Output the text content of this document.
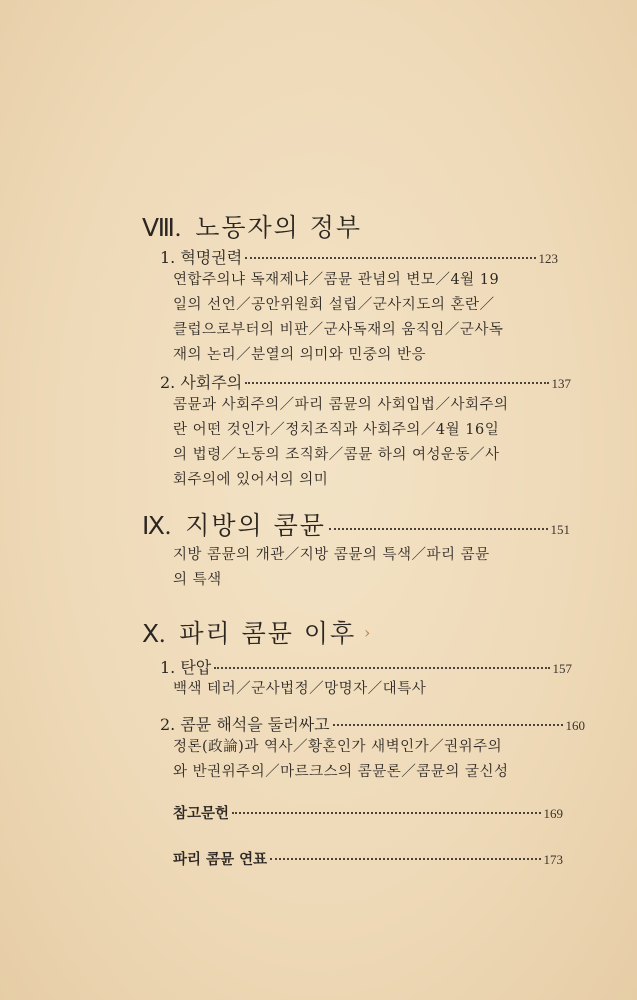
Ⅷ. 노동자의 정부
1. 혁명권력	123

연합주의냐 독재제냐／콤뮨 관념의 변모／4월 19

일의 선언／공안위원회 설립／군사지도의 혼란／

클럽으로부터의 비판／군사독재의 움직임／군사독

재의 논리／분열의 의미와 민중의 반응

2. 사회주의	137

콤뮨과 사회주의／파리 콤뮨의 사회입법／사회주의

란 어떤 것인가／정치조직과 사회주의／4월 16일

의 법령／노동의 조직화／콤뮨 하의 여성운동／사

회주의에 있어서의 의미

Ⅸ. 지방의 콤뮨	151

지방 콤뮨의 개관／지방 콤뮨의 특색／파리 콤뮨

의 특색

Ⅹ. 파리 콤뮨 이후 ›
1. 탄압	157

백색 테러／군사법정／망명자／대특사

2. 콤뮨 해석을 둘러싸고	160

정론(政論)과 역사／황혼인가 새벽인가／권위주의

와 반권위주의／마르크스의 콤뮨론／콤뮨의 굴신성

참고문헌	169
파리 콤뮨 연표	173
